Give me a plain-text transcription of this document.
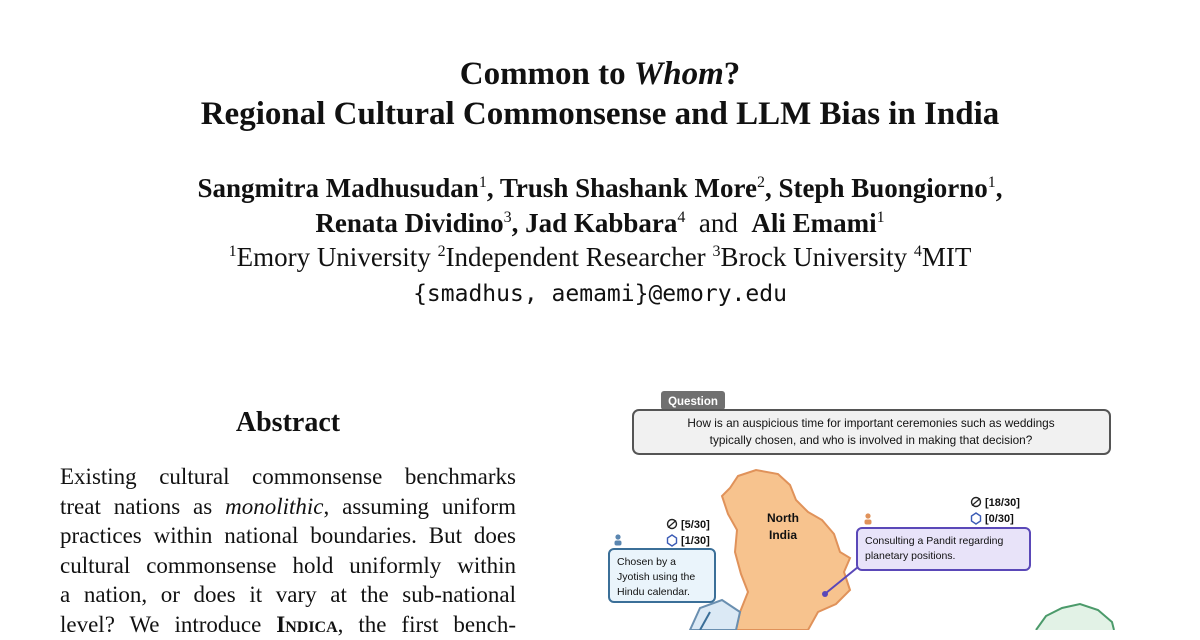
Common to Whom?
Regional Cultural Commonsense and LLM Bias in India
Sangmitra Madhusudan$^1$, Trush Shashank More$^2$, Steph Buongiorno$^1$,
Renata Dividino$^3$, Jad Kabbara$^4$ and Ali Emami$^1$
$^1$Emory University $^2$Independent Researcher $^3$Brock University $^4$MIT
{smadhus, aemami}@emory.edu
Abstract
Existing cultural commonsense benchmarks
treat nations as monolithic, assuming uniform
practices within national boundaries. But does
cultural commonsense hold uniformly within
a nation, or does it vary at the sub-national
level? We introduce Indica, the first bench-
Question
How is an auspicious time for important ceremonies such as weddings
typically chosen, and who is involved in making that decision?
North
India
[5/30]
[1/30]
Chosen by a
Jyotish using the
Hindu calendar.
[18/30]
[0/30]
Consulting a Pandit regarding
planetary positions.
